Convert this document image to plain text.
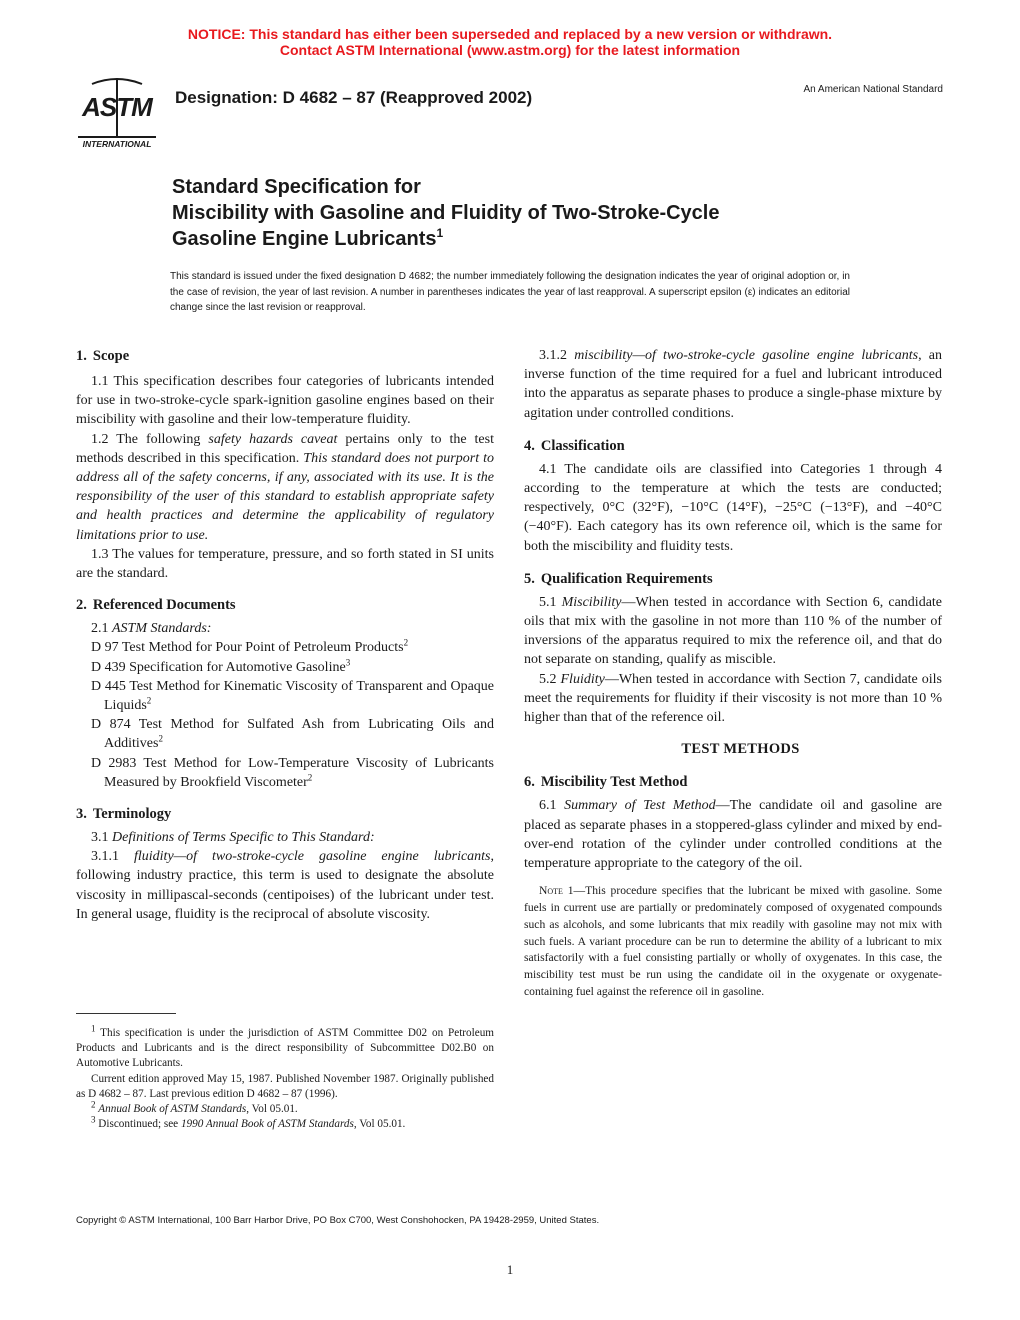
NOTICE: This standard has either been superseded and replaced by a new version or withdrawn.
Contact ASTM International (www.astm.org) for the latest information
ASTM
INTERNATIONAL
Designation: D 4682 – 87 (Reapproved 2002)	An American National Standard
Standard Specification for
Miscibility with Gasoline and Fluidity of Two-Stroke-Cycle
Gasoline Engine Lubricants$^1$
This standard is issued under the fixed designation D 4682; the number immediately following the designation indicates the year of original adoption or, in the case of revision, the year of last revision. A number in parentheses indicates the year of last reapproval. A superscript epsilon (ε) indicates an editorial change since the last revision or reapproval.
1. Scope

1.1 This specification describes four categories of lubricants intended for use in two-stroke-cycle spark-ignition gasoline engines based on their miscibility with gasoline and their low-temperature fluidity.

1.2 The following safety hazards caveat pertains only to the test methods described in this specification. This standard does not purport to address all of the safety concerns, if any, associated with its use. It is the responsibility of the user of this standard to establish appropriate safety and health practices and determine the applicability of regulatory limitations prior to use.

1.3 The values for temperature, pressure, and so forth stated in SI units are the standard.

2. Referenced Documents

2.1 ASTM Standards:

D 97 Test Method for Pour Point of Petroleum Products$^2$

D 439 Specification for Automotive Gasoline$^3$

D 445 Test Method for Kinematic Viscosity of Transparent and Opaque Liquids$^2$

D 874 Test Method for Sulfated Ash from Lubricating Oils and Additives$^2$

D 2983 Test Method for Low-Temperature Viscosity of Lubricants Measured by Brookfield Viscometer$^2$

3. Terminology

3.1 Definitions of Terms Specific to This Standard:

3.1.1 fluidity—of two-stroke-cycle gasoline engine lubricants, following industry practice, this term is used to designate the absolute viscosity in millipascal-seconds (centipoises) of the lubricant under test. In general usage, fluidity is the reciprocal of absolute viscosity.

$^1$ This specification is under the jurisdiction of ASTM Committee D02 on Petroleum Products and Lubricants and is the direct responsibility of Subcommittee D02.B0 on Automotive Lubricants.

Current edition approved May 15, 1987. Published November 1987. Originally published as D 4682 – 87. Last previous edition D 4682 – 87 (1996).

$^2$ Annual Book of ASTM Standards, Vol 05.01.

$^3$ Discontinued; see 1990 Annual Book of ASTM Standards, Vol 05.01.

3.1.2 miscibility—of two-stroke-cycle gasoline engine lubricants, an inverse function of the time required for a fuel and lubricant introduced into the apparatus as separate phases to produce a single-phase mixture by agitation under controlled conditions.

4. Classification

4.1 The candidate oils are classified into Categories 1 through 4 according to the temperature at which the tests are conducted; respectively, 0°C (32°F), −10°C (14°F), −25°C (−13°F), and −40°C (−40°F). Each category has its own reference oil, which is the same for both the miscibility and fluidity tests.

5. Qualification Requirements

5.1 Miscibility—When tested in accordance with Section 6, candidate oils that mix with the gasoline in not more than 110 % of the number of inversions of the apparatus required to mix the reference oil, and that do not separate on standing, qualify as miscible.

5.2 Fluidity—When tested in accordance with Section 7, candidate oils meet the requirements for fluidity if their viscosity is not more than 10 % higher than that of the reference oil.

TEST METHODS

6. Miscibility Test Method

6.1 Summary of Test Method—The candidate oil and gasoline are placed as separate phases in a stoppered-glass cylinder and mixed by end-over-end rotation of the cylinder under controlled conditions at the temperature appropriate to the category of the oil.

Note 1—This procedure specifies that the lubricant be mixed with gasoline. Some fuels in current use are partially or predominately composed of oxygenated compounds such as alcohols, and some lubricants that mix readily with gasoline may not mix with such fuels. A variant procedure can be run to determine the ability of a lubricant to mix satisfactorily with a fuel consisting partially or wholly of oxygenates. In this case, the miscibility test must be run using the candidate oil in the oxygenate or oxygenate-containing fuel against the reference oil in gasoline.

Copyright © ASTM International, 100 Barr Harbor Drive, PO Box C700, West Conshohocken, PA 19428-2959, United States.
1
